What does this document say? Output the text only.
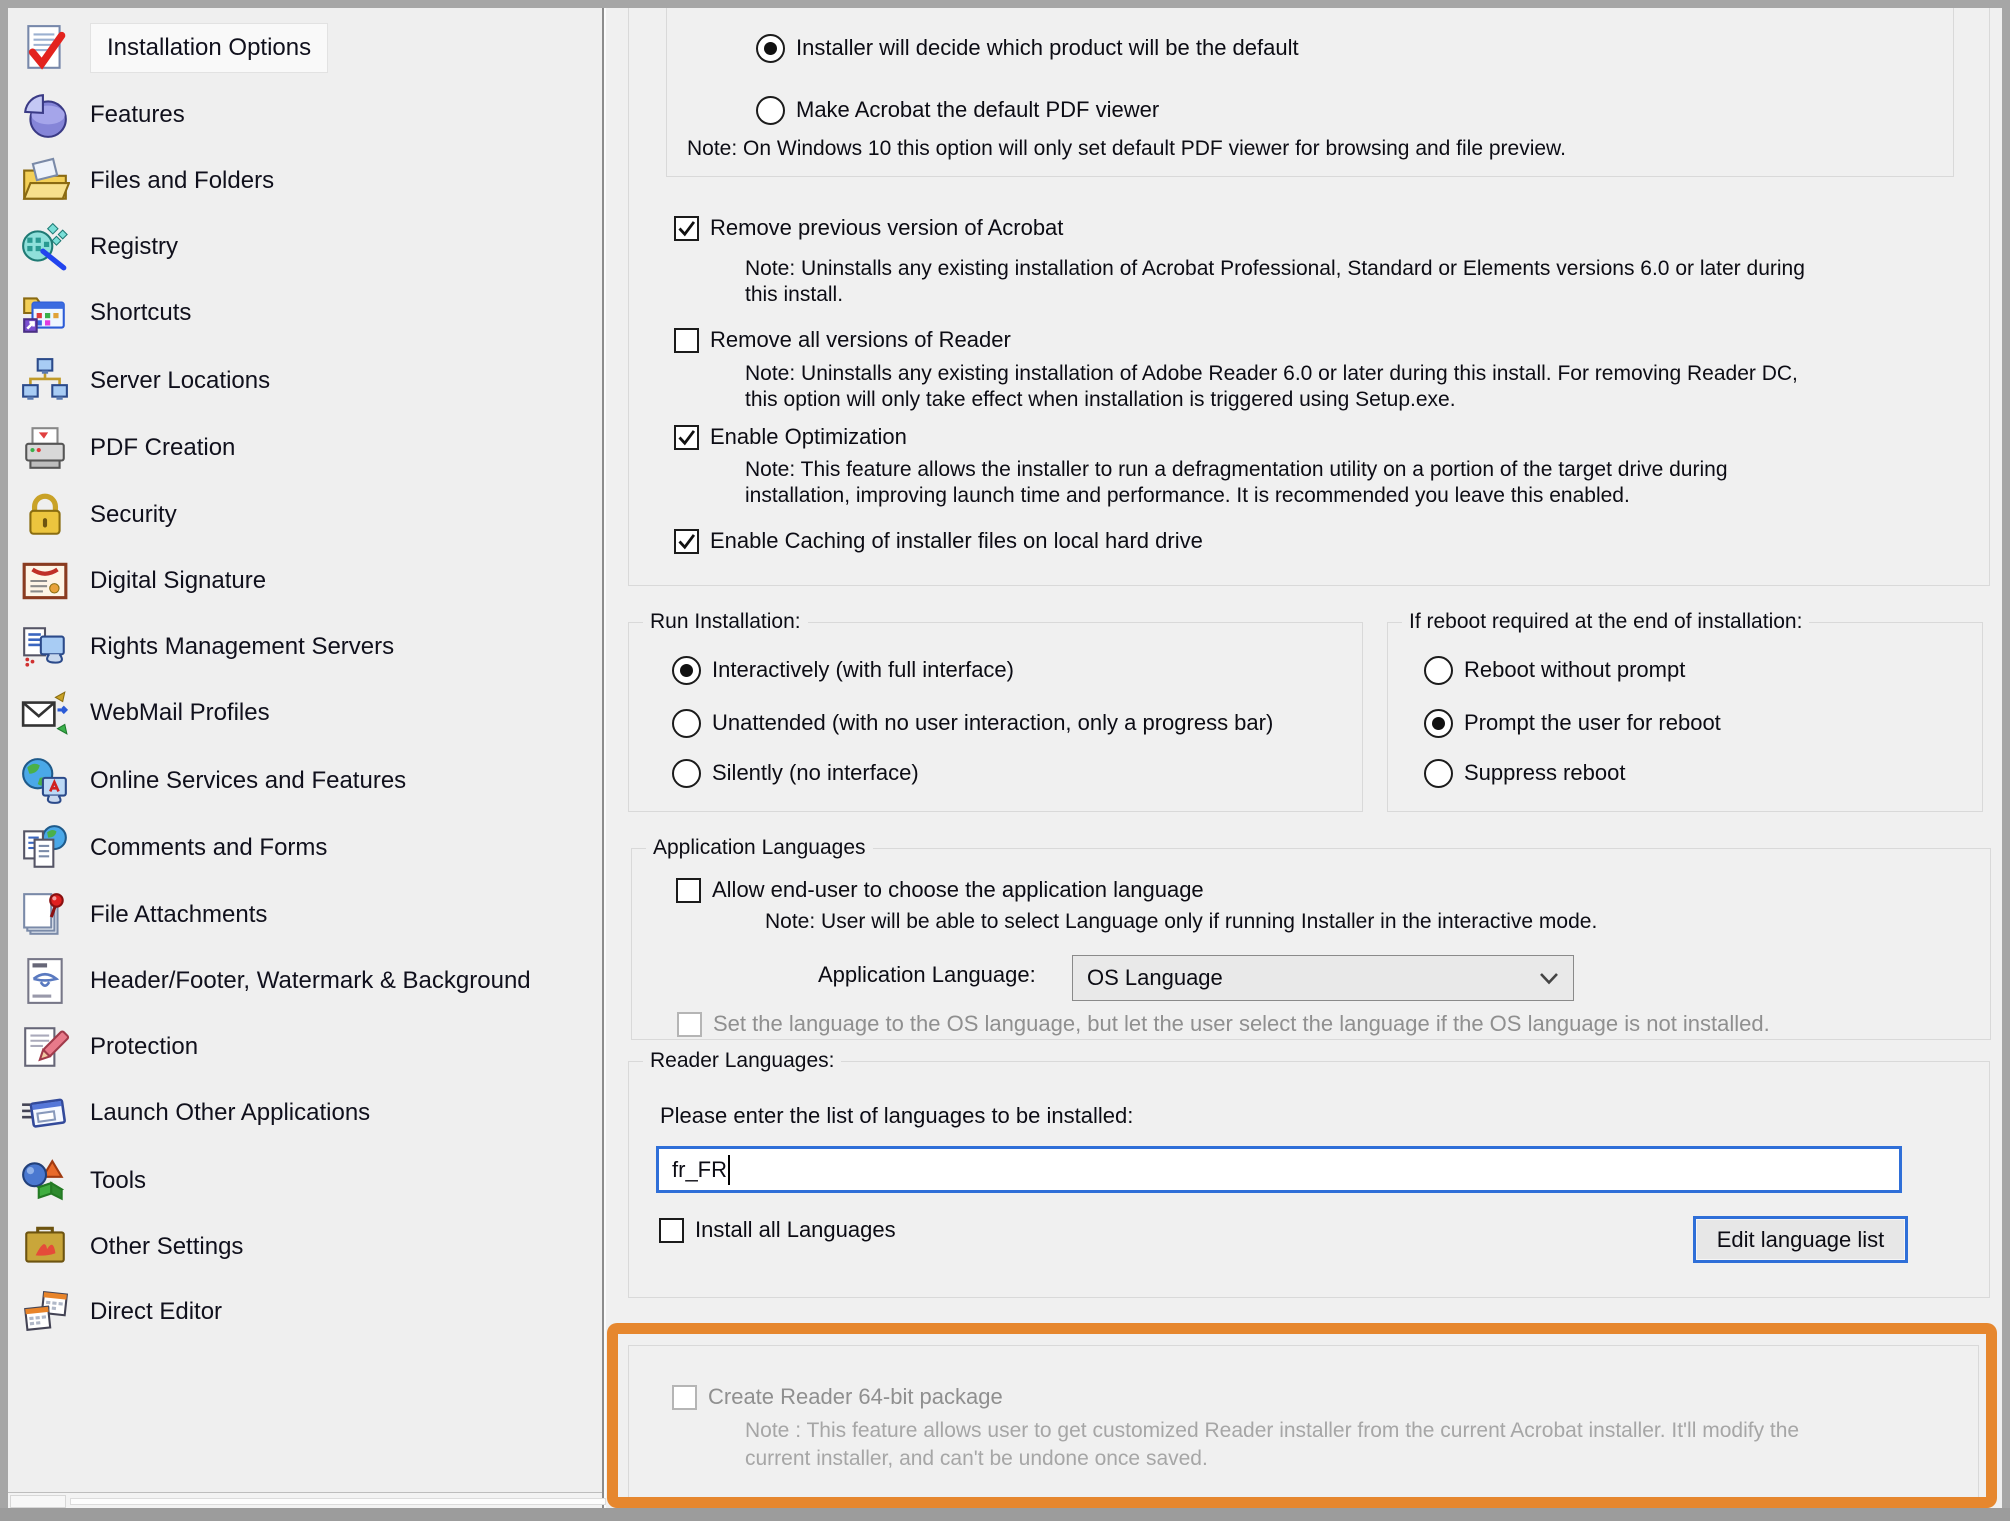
Installation Options
Features
Files and Folders
Registry
Shortcuts
Server Locations
PDF Creation
Security
Digital Signature
Rights Management Servers
WebMail Profiles
Online Services and Features
Comments and Forms
File Attachments
Header/Footer, Watermark & Background
Protection
Launch Other Applications
Tools
Other Settings
Direct Editor
Installer will decide which product will be the default
Make Acrobat the default PDF viewer
Note: On Windows 10 this option will only set default PDF viewer for browsing and file preview.
Remove previous version of Acrobat
Note: Uninstalls any existing installation of Acrobat Professional, Standard or Elements versions 6.0 or later during
this install.
Remove all versions of Reader
Note: Uninstalls any existing installation of Adobe Reader 6.0 or later during this install. For removing Reader DC,
this option will only take effect when installation is triggered using Setup.exe.
Enable Optimization
Note: This feature allows the installer to run a defragmentation utility on a portion of the target drive during
installation, improving launch time and performance. It is recommended you leave this enabled.
Enable Caching of installer files on local hard drive
Run Installation:
Interactively (with full interface)
Unattended (with no user interaction, only a progress bar)
Silently (no interface)
If reboot required at the end of installation:
Reboot without prompt
Prompt the user for reboot
Suppress reboot
Application Languages
Allow end-user to choose the application language
Note: User will be able to select Language only if running Installer in the interactive mode.
Application Language: OS Language
Set the language to the OS language, but let the user select the language if the OS language is not installed.
Reader Languages:
Please enter the list of languages to be installed:
fr_FR
Install all Languages	Edit language list
Create Reader 64-bit package
Note : This feature allows user to get customized Reader installer from the current Acrobat installer. It'll modify the
current installer, and can't be undone once saved.
